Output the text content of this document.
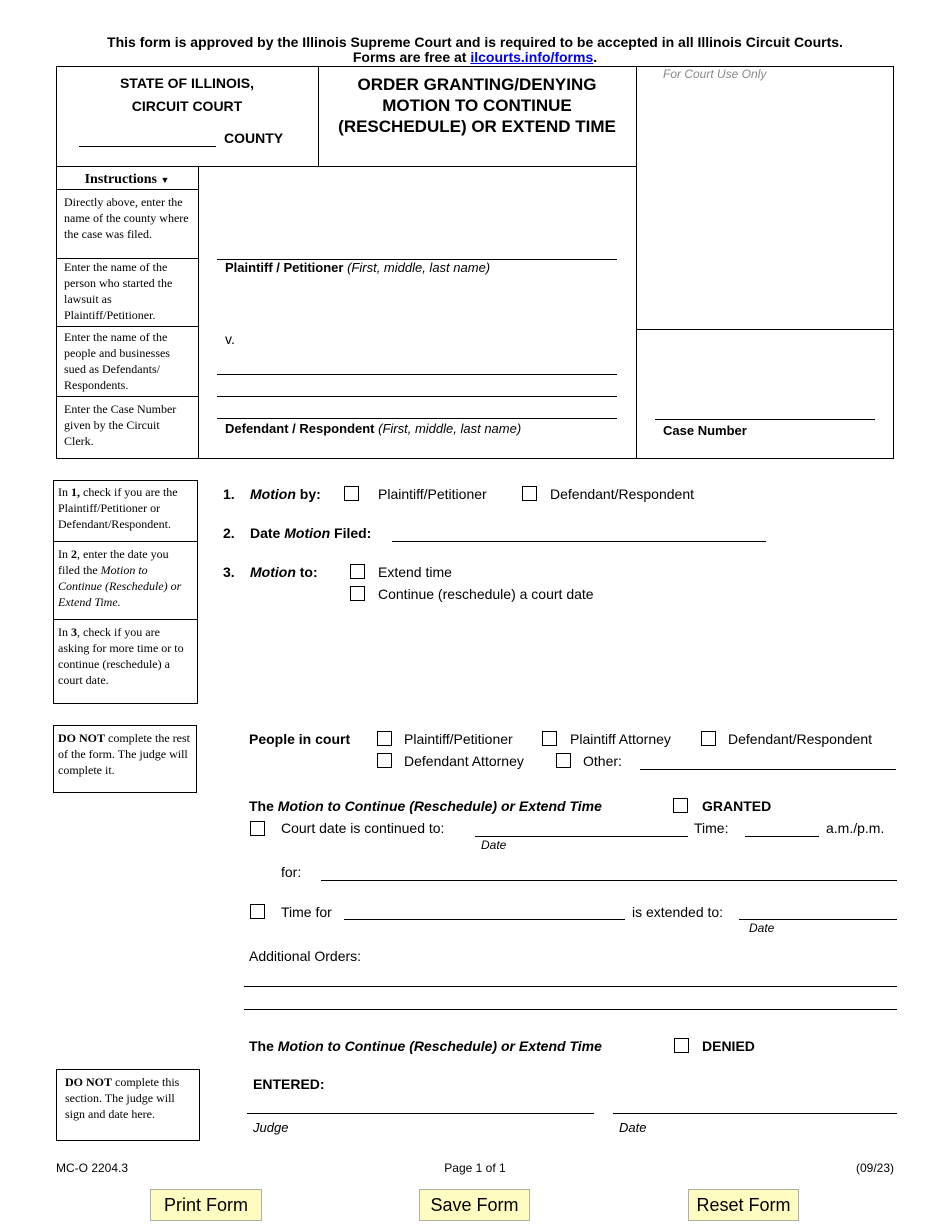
This form is approved by the Illinois Supreme Court and is required to be accepted in all Illinois Circuit Courts.
Forms are free at ilcourts.info/forms.
STATE OF ILLINOIS,
CIRCUIT COURT
COUNTY
ORDER GRANTING/DENYING MOTION TO CONTINUE (RESCHEDULE) OR EXTEND TIME
For Court Use Only
Instructions ▼
Directly above, enter the name of the county where the case was filed.
Enter the name of the person who started the lawsuit as Plaintiff/Petitioner.
Enter the name of the people and businesses sued as Defendants/ Respondents.
Enter the Case Number given by the Circuit Clerk.
Plaintiff / Petitioner (First, middle, last name)
v.
Defendant / Respondent (First, middle, last name)	Case Number
In 1, check if you are the Plaintiff/Petitioner or Defendant/Respondent.
In 2, enter the date you filed the Motion to Continue (Reschedule) or Extend Time.
In 3, check if you are asking for more time or to continue (reschedule) a court date.
DO NOT complete the rest of the form. The judge will complete it.
DO NOT complete this section. The judge will sign and date here.
1. Motion by:	Plaintiff/Petitioner	Defendant/Respondent
2. Date Motion Filed:
3. Motion to:	Extend time
Continue (reschedule) a court date
People in court	Plaintiff/Petitioner	Plaintiff Attorney	Defendant/Respondent
Defendant Attorney	Other:
The Motion to Continue (Reschedule) or Extend Time	GRANTED
Court date is continued to:
Date
Time:	a.m./p.m.
for:
Time for	is extended to:
Date
Additional Orders:
The Motion to Continue (Reschedule) or Extend Time	DENIED
ENTERED:
Judge	Date
MC-O 2204.3	Page 1 of 1	(09/23)
Print Form	Save Form	Reset Form
